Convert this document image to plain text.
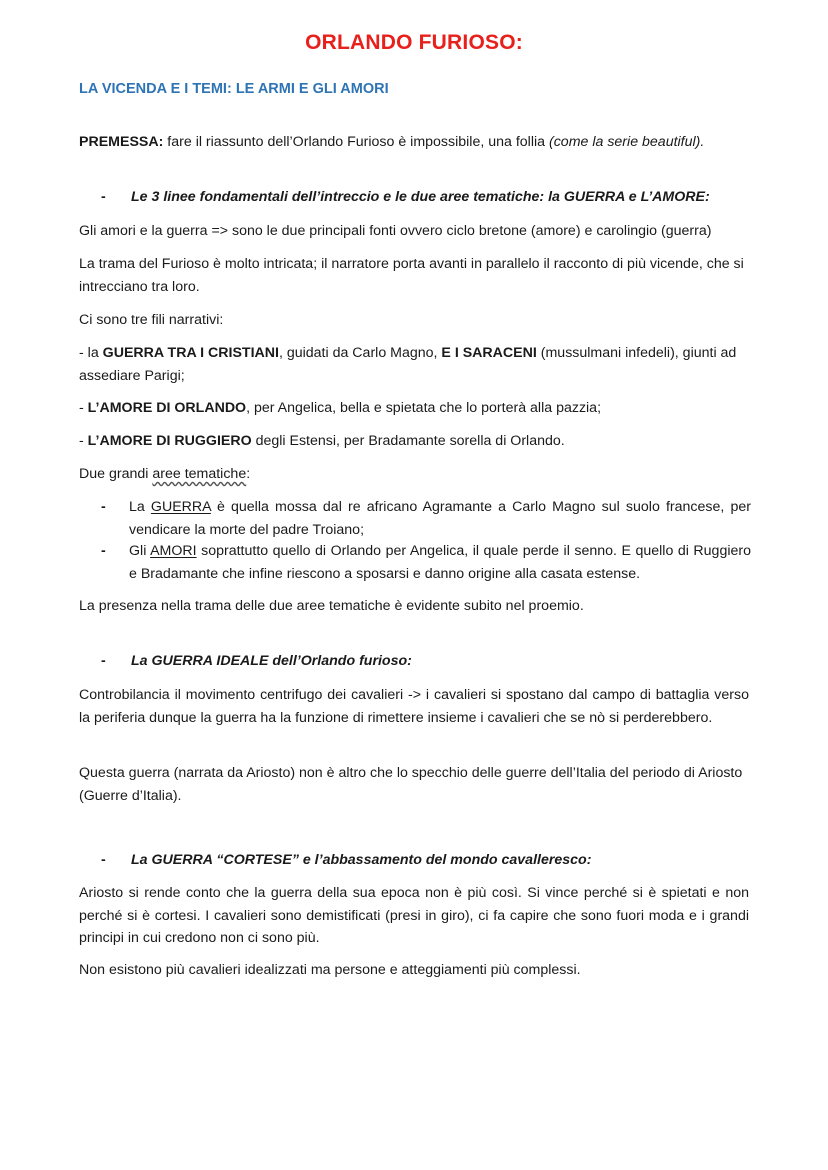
ORLANDO FURIOSO:
LA VICENDA E I TEMI: LE ARMI E GLI AMORI
PREMESSA: fare il riassunto dell’Orlando Furioso è impossibile, una follia (come la serie beautiful).
- Le 3 linee fondamentali dell’intreccio e le due aree tematiche: la GUERRA e L’AMORE:
Gli amori e la guerra => sono le due principali fonti ovvero ciclo bretone (amore) e carolingio (guerra)
La trama del Furioso è molto intricata; il narratore porta avanti in parallelo il racconto di più vicende, che si intrecciano tra loro.
Ci sono tre fili narrativi:
- la GUERRA TRA I CRISTIANI, guidati da Carlo Magno, E I SARACENI (mussulmani infedeli), giunti ad assediare Parigi;
- L’AMORE DI ORLANDO, per Angelica, bella e spietata che lo porterà alla pazzia;
- L’AMORE DI RUGGIERO degli Estensi, per Bradamante sorella di Orlando.
Due grandi aree tematiche:
- La GUERRA è quella mossa dal re africano Agramante a Carlo Magno sul suolo francese, per vendicare la morte del padre Troiano;
- Gli AMORI soprattutto quello di Orlando per Angelica, il quale perde il senno. E quello di Ruggiero e Bradamante che infine riescono a sposarsi e danno origine alla casata estense.
La presenza nella trama delle due aree tematiche è evidente subito nel proemio.
- La GUERRA IDEALE dell’Orlando furioso:
Controbilancia il movimento centrifugo dei cavalieri -> i cavalieri si spostano dal campo di battaglia verso la periferia dunque la guerra ha la funzione di rimettere insieme i cavalieri che se nò si perderebbero.
Questa guerra (narrata da Ariosto) non è altro che lo specchio delle guerre dell’Italia del periodo di Ariosto (Guerre d’Italia).
- La GUERRA “CORTESE” e l’abbassamento del mondo cavalleresco:
Ariosto si rende conto che la guerra della sua epoca non è più così. Si vince perché si è spietati e non perché si è cortesi. I cavalieri sono demistificati (presi in giro), ci fa capire che sono fuori moda e i grandi principi in cui credono non ci sono più.
Non esistono più cavalieri idealizzati ma persone e atteggiamenti più complessi.
